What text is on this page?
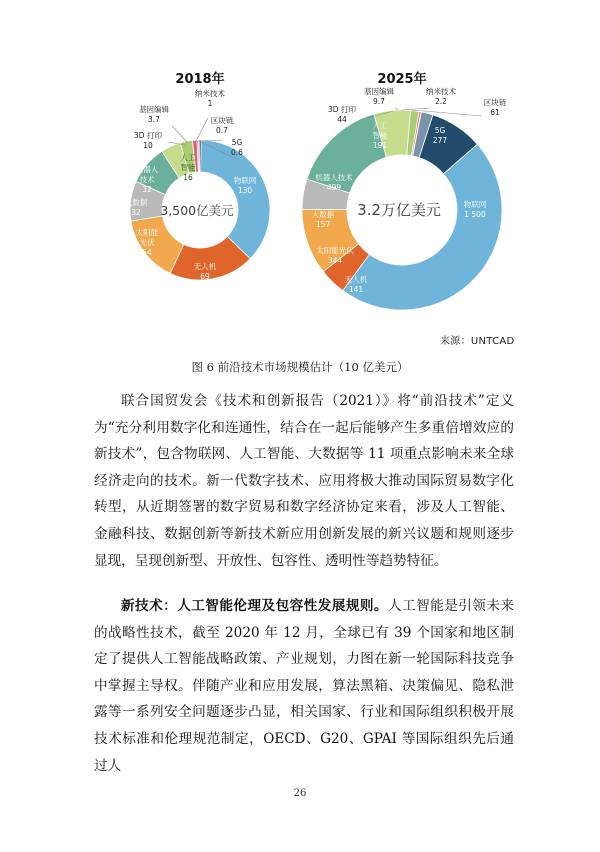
2018年
物联网 130
无人机 69
太阳能光伏 54
大数据 32
机器人技术 32
人工智能 16
3D 打印 10
基因编辑 3.7
纳米技术 1
区块链 0.7
5G 0.6
3,500亿美元
2025年
5G 277
物联网 1 500
无人机 141
太阳能光伏 344
大数据 157
机器人技术 499
人工智能 191
3D 打印 44
基因编辑 9.7
纳米技术 2.2	区块链 61
3.2万亿美元
来源：UNTCAD
图 6 前沿技术市场规模估计（10 亿美元）

联合国贸发会《技术和创新报告（2021）》将“前沿技术”定义为“充分利用数字化和连通性，结合在一起后能够产生多重倍增效应的新技术”，包含物联网、人工智能、大数据等 11 项重点影响未来全球经济走向的技术。新一代数字技术、应用将极大推动国际贸易数字化转型，从近期签署的数字贸易和数字经济协定来看，涉及人工智能、金融科技、数据创新等新技术新应用创新发展的新兴议题和规则逐步显现，呈现创新型、开放性、包容性、透明性等趋势特征。

新技术：人工智能伦理及包容性发展规则。人工智能是引领未来的战略性技术，截至 2020 年 12 月，全球已有 39 个国家和地区制定了提供人工智能战略政策、产业规划，力图在新一轮国际科技竞争中掌握主导权。伴随产业和应用发展，算法黑箱、决策偏见、隐私泄露等一系列安全问题逐步凸显，相关国家、行业和国际组织积极开展技术标准和伦理规范制定，OECD、G20、GPAI 等国际组织先后通过人

26
